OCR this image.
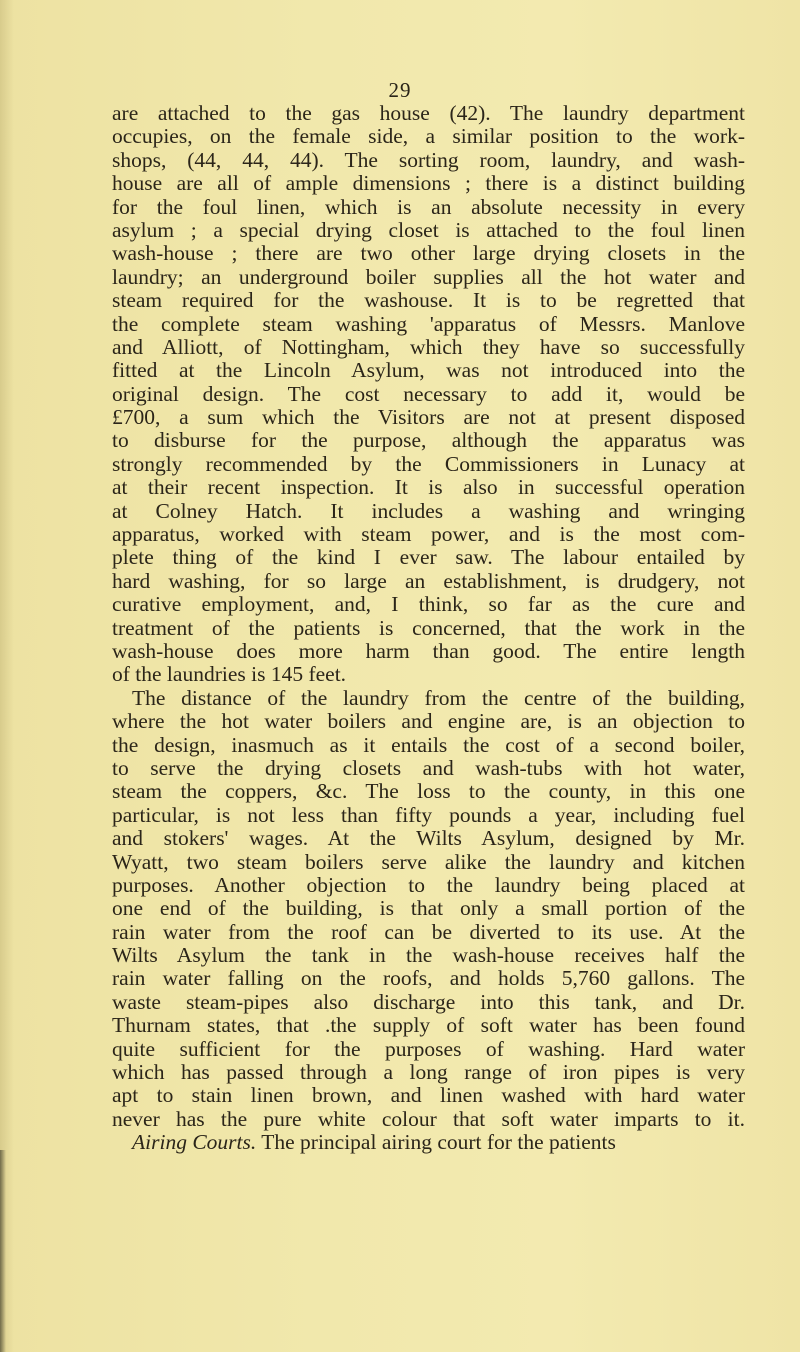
29
are attached to the gas house (42). The laundry department
occupies, on the female side, a similar position to the work-
shops, (44, 44, 44). The sorting room, laundry, and wash-
house are all of ample dimensions ; there is a distinct building
for the foul linen, which is an absolute necessity in every
asylum ; a special drying closet is attached to the foul linen
wash-house ; there are two other large drying closets in the
laundry; an underground boiler supplies all the hot water and
steam required for the washouse. It is to be regretted that
the complete steam washing 'apparatus of Messrs. Manlove
and Alliott, of Nottingham, which they have so successfully
fitted at the Lincoln Asylum, was not introduced into the
original design. The cost necessary to add it, would be
£700, a sum which the Visitors are not at present disposed
to disburse for the purpose, although the apparatus was
strongly recommended by the Commissioners in Lunacy at
at their recent inspection. It is also in successful operation
at Colney Hatch. It includes a washing and wringing
apparatus, worked with steam power, and is the most com-
plete thing of the kind I ever saw. The labour entailed by
hard washing, for so large an establishment, is drudgery, not
curative employment, and, I think, so far as the cure and
treatment of the patients is concerned, that the work in the
wash-house does more harm than good. The entire length
of the laundries is 145 feet.
The distance of the laundry from the centre of the building,
where the hot water boilers and engine are, is an objection to
the design, inasmuch as it entails the cost of a second boiler,
to serve the drying closets and wash-tubs with hot water,
steam the coppers, &c. The loss to the county, in this one
particular, is not less than fifty pounds a year, including fuel
and stokers' wages. At the Wilts Asylum, designed by Mr.
Wyatt, two steam boilers serve alike the laundry and kitchen
purposes. Another objection to the laundry being placed at
one end of the building, is that only a small portion of the
rain water from the roof can be diverted to its use. At the
Wilts Asylum the tank in the wash-house receives half the
rain water falling on the roofs, and holds 5,760 gallons. The
waste steam-pipes also discharge into this tank, and Dr.
Thurnam states, that .the supply of soft water has been found
quite sufficient for the purposes of washing. Hard water
which has passed through a long range of iron pipes is very
apt to stain linen brown, and linen washed with hard water
never has the pure white colour that soft water imparts to it.
Airing Courts. The principal airing court for the patients
